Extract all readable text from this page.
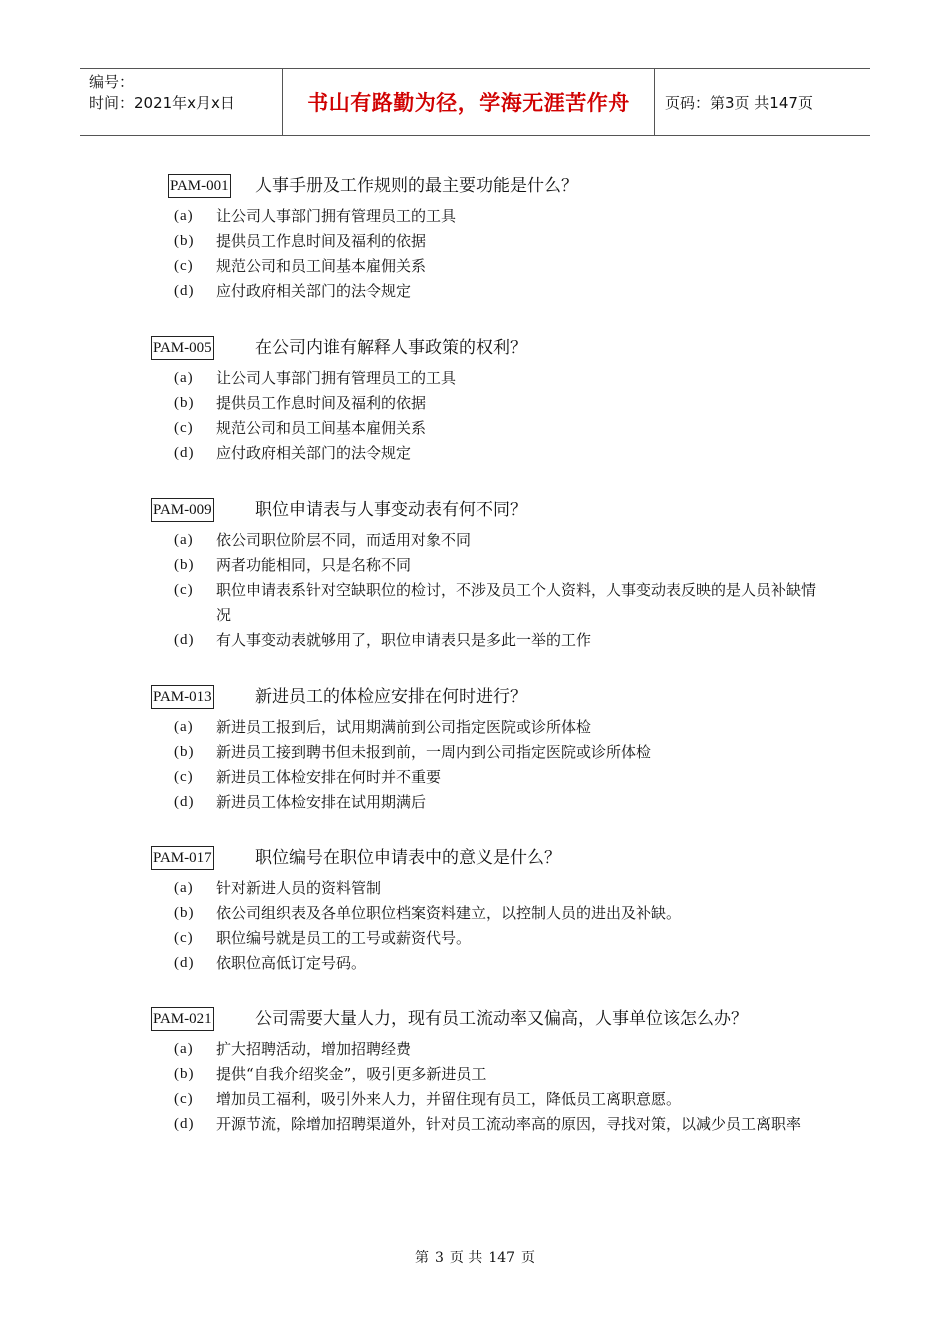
编号：
时间：2021年x月x日	书山有路勤为径，学海无涯苦作舟	页码：第3页 共147页
PAM-001 人事手册及工作规则的最主要功能是什么？
(a)	让公司人事部门拥有管理员工的工具
(b)	提供员工作息时间及福利的依据
(c)	规范公司和员工间基本雇佣关系
(d)	应付政府相关部门的法令规定
PAM-005	在公司内谁有解释人事政策的权利？
(a)	让公司人事部门拥有管理员工的工具
(b)	提供员工作息时间及福利的依据
(c)	规范公司和员工间基本雇佣关系
(d)	应付政府相关部门的法令规定
PAM-009	职位申请表与人事变动表有何不同？
(a)	依公司职位阶层不同，而适用对象不同
(b)	两者功能相同，只是名称不同
(c)	职位申请表系针对空缺职位的检讨，不涉及员工个人资料，人事变动表反映的是人员补缺情况
(d)	有人事变动表就够用了，职位申请表只是多此一举的工作
PAM-013	新进员工的体检应安排在何时进行？
(a)	新进员工报到后，试用期满前到公司指定医院或诊所体检
(b)	新进员工接到聘书但未报到前，一周内到公司指定医院或诊所体检
(c)	新进员工体检安排在何时并不重要
(d)	新进员工体检安排在试用期满后
PAM-017	职位编号在职位申请表中的意义是什么？
(a)	针对新进人员的资料管制
(b)	依公司组织表及各单位职位档案资料建立，以控制人员的进出及补缺。
(c)	职位编号就是员工的工号或薪资代号。
(d)	依职位高低订定号码。
PAM-021	公司需要大量人力，现有员工流动率又偏高，人事单位该怎么办？
(a)	扩大招聘活动，增加招聘经费
(b)	提供“自我介绍奖金”，吸引更多新进员工
(c)	增加员工福利，吸引外来人力，并留住现有员工，降低员工离职意愿。
(d)	开源节流，除增加招聘渠道外，针对员工流动率高的原因，寻找对策，以减少员工离职率
第 3 页 共 147 页
